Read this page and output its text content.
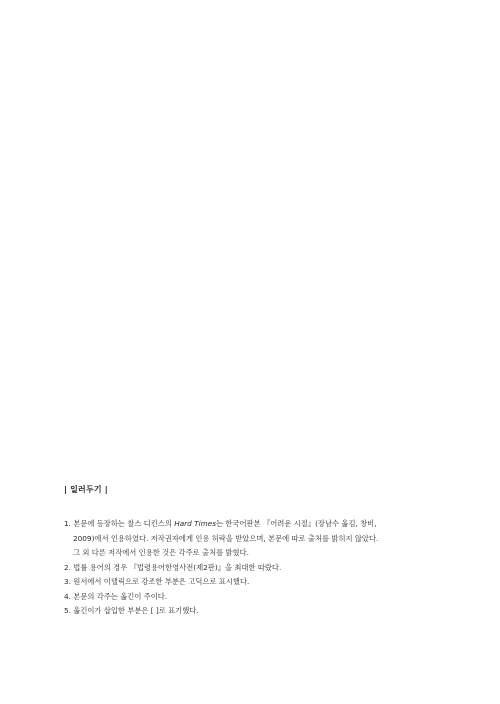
| 일러두기 |
1. 본문에 등장하는 찰스 디킨스의 Hard Times는 한국어판본 『어려운 시절』(장남수 옮김, 창비,
2009)에서 인용하였다. 저작권자에게 인용 허락을 받았으며, 본문에 따로 출처를 밝히지 않았다.
그 외 다른 저작에서 인용한 것은 각주로 출처를 밝혔다.
2. 법률 용어의 경우 『법령용어한영사전(제2판)』을 최대한 따랐다.
3. 원서에서 이탤릭으로 강조한 부분은 고딕으로 표시했다.
4. 본문의 각주는 옮긴이 주이다.
5. 옮긴이가 삽입한 부분은 [ ]로 표기했다.
